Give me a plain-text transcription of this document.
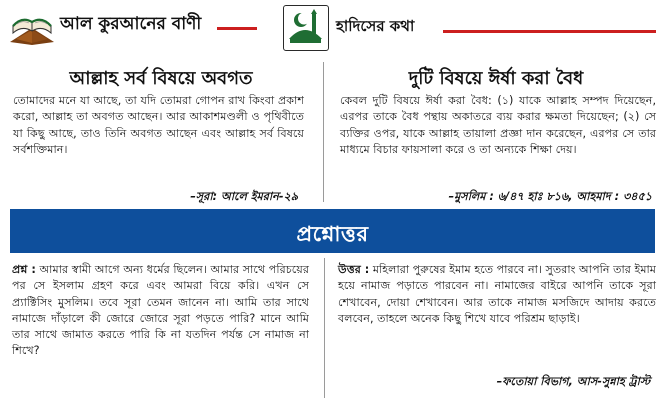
আল কুরআনের বাণী	হাদিসের কথা
আল্লাহ সর্ব বিষয়ে অবগত
তোমাদের মনে যা আছে, তা যদি তোমরা গোপন রাখ কিংবা প্রকাশ করো, আল্লাহ তা অবগত আছেন। আর আকাশমণ্ডলী ও পৃথিবীতে যা কিছু আছে, তাও তিনি অবগত আছেন এবং আল্লাহ সর্ব বিষয়ে সর্বশক্তিমান।
–সূরা: আলে ইমরান-২৯
দুটি বিষয়ে ঈর্ষা করা বৈধ
কেবল দুটি বিষয়ে ঈর্ষা করা বৈধ: (১) যাকে আল্লাহ সম্পদ দিয়েছেন, এরপর তাকে বৈধ পন্থায় অকাতরে ব্যয় করার ক্ষমতা দিয়েছেন; (২) সে ব্যক্তির ওপর, যাকে আল্লাহ তায়ালা প্রজ্ঞা দান করেছেন, এরপর সে তার মাধ্যমে বিচার ফায়সালা করে ও তা অন্যকে শিক্ষা দেয়।
–মুসলিম : ৬/৪৭ হাঃ ৮১৬, আহমাদ : ৩৪৫১
প্রশ্নোত্তর
প্রশ্ন : আমার স্বামী আগে অন্য ধর্মের ছিলেন। আমার সাথে পরিচয়ের পর সে ইসলাম গ্রহণ করে এবং আমরা বিয়ে করি। এখন সে প্র্যাক্টিসিং মুসলিম। তবে সূরা তেমন জানেন না। আমি তার সাথে নামাজে দাঁড়ালে কী জোরে জোরে সূরা পড়তে পারি? মানে আমি তার সাথে জামাত করতে পারি কি না যতদিন পর্যন্ত সে নামাজ না শিখে?
উত্তর : মহিলারা পুরুষের ইমাম হতে পারবে না। সুতরাং আপনি তার ইমাম হয়ে নামাজ পড়াতে পারবেন না। নামাজের বাইরে আপনি তাকে সূরা শেখাবেন, দোয়া শেখাবেন। আর তাকে নামাজ মসজিদে আদায় করতে বলবেন, তাহলে অনেক কিছু শিখে যাবে পরিশ্রম ছাড়াই।
–ফতোয়া বিভাগ, আস-সুন্নাহ ট্রাস্ট
